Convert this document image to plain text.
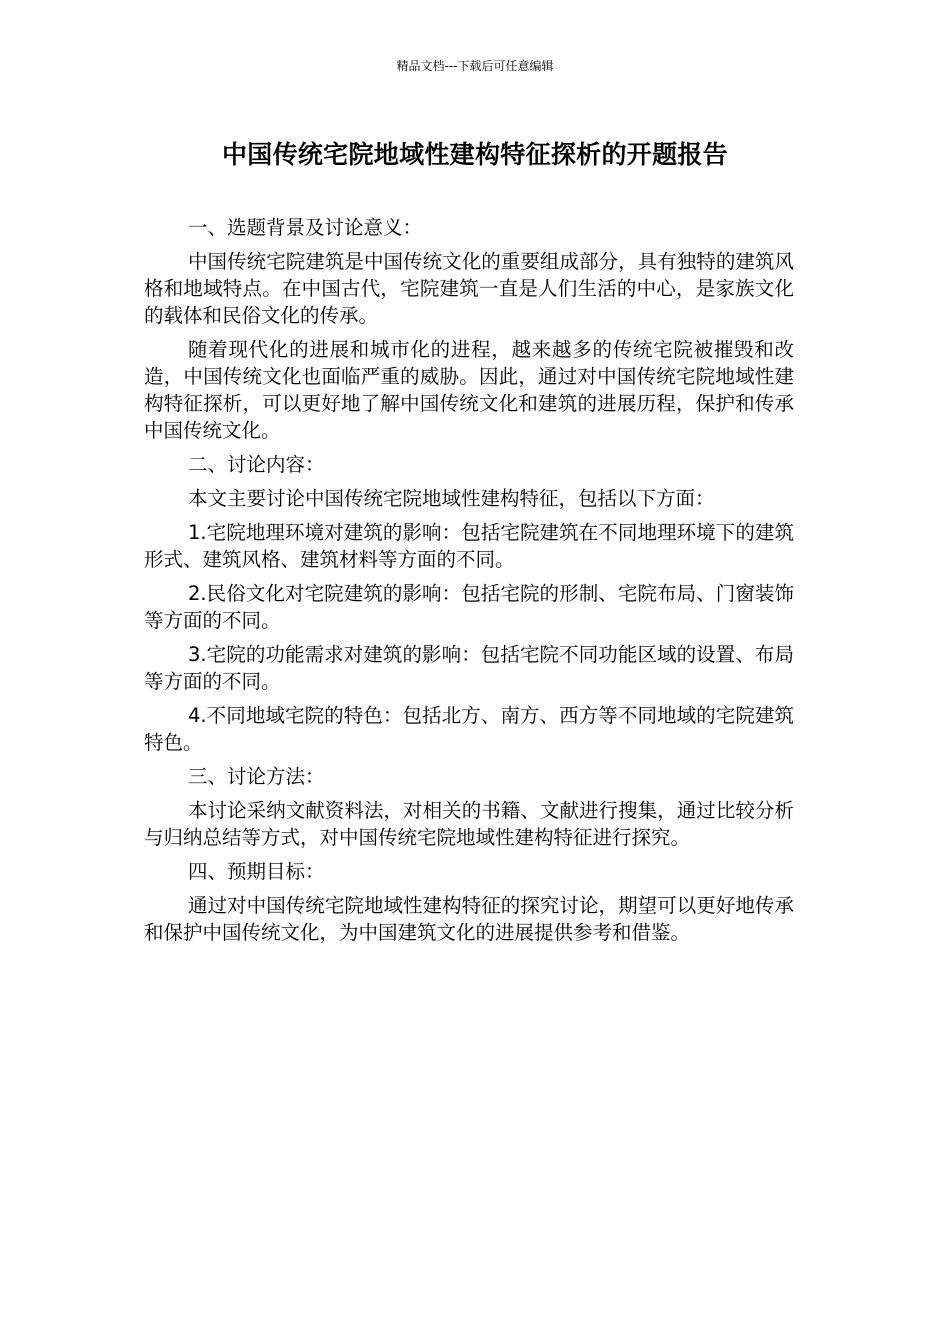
精品文档---下载后可任意编辑
中国传统宅院地域性建构特征探析的开题报告

一、选题背景及讨论意义：

中国传统宅院建筑是中国传统文化的重要组成部分，具有独特的建筑风格和地域特点。在中国古代，宅院建筑一直是人们生活的中心，是家族文化的载体和民俗文化的传承。

随着现代化的进展和城市化的进程，越来越多的传统宅院被摧毁和改造，中国传统文化也面临严重的威胁。因此，通过对中国传统宅院地域性建构特征探析，可以更好地了解中国传统文化和建筑的进展历程，保护和传承中国传统文化。

二、讨论内容：

本文主要讨论中国传统宅院地域性建构特征，包括以下方面：

1.宅院地理环境对建筑的影响：包括宅院建筑在不同地理环境下的建筑形式、建筑风格、建筑材料等方面的不同。

2.民俗文化对宅院建筑的影响：包括宅院的形制、宅院布局、门窗装饰等方面的不同。

3.宅院的功能需求对建筑的影响：包括宅院不同功能区域的设置、布局等方面的不同。

4.不同地域宅院的特色：包括北方、南方、西方等不同地域的宅院建筑特色。

三、讨论方法：

本讨论采纳文献资料法，对相关的书籍、文献进行搜集，通过比较分析与归纳总结等方式，对中国传统宅院地域性建构特征进行探究。

四、预期目标：

通过对中国传统宅院地域性建构特征的探究讨论，期望可以更好地传承和保护中国传统文化，为中国建筑文化的进展提供参考和借鉴。
